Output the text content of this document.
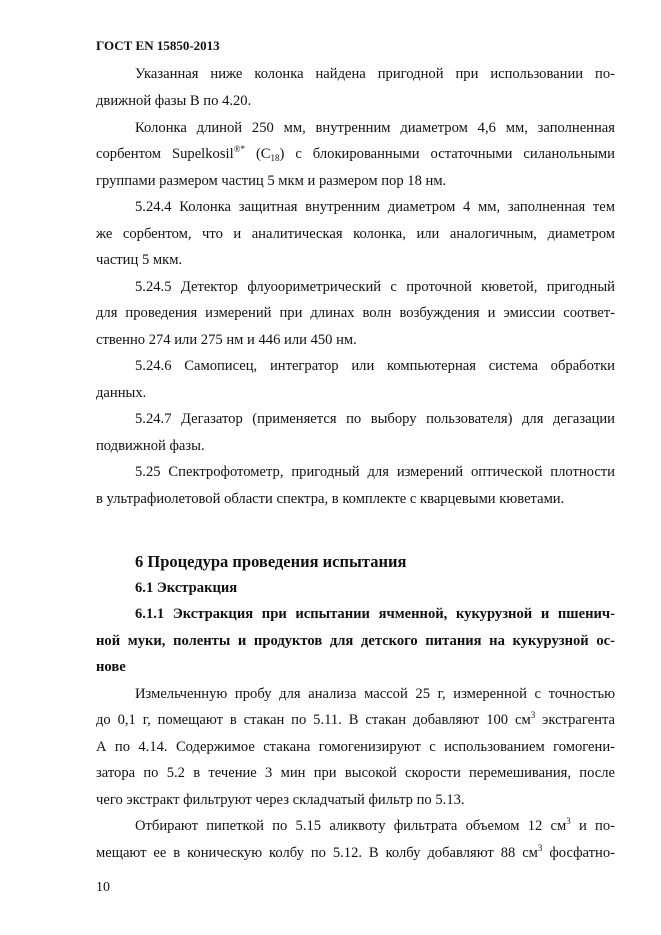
ГОСТ EN 15850-2013
Указанная ниже колонка найдена пригодной при использовании по-
движной фазы B по 4.20.
Колонка длиной 250 мм, внутренним диаметром 4,6 мм, заполненная
сорбентом Supelkosil®* $(C_{18})$ с блокированными остаточными силанольными
группами размером частиц 5 мкм и размером пор 18 нм.
5.24.4 Колонка защитная внутренним диаметром 4 мм, заполненная тем
же сорбентом, что и аналитическая колонка, или аналогичным, диаметром
частиц 5 мкм.
5.24.5 Детектор флуооримeтрический с проточной кюветой, пригодный
для проведения измерений при длинах волн возбуждения и эмиссии соответ-
ственно 274 или 275 нм и 446 или 450 нм.
5.24.6 Самописец, интегратор или компьютерная система обработки
данных.
5.24.7 Дегазатор (применяется по выбору пользователя) для дегазации
подвижной фазы.
5.25 Спектрофотометр, пригодный для измерений оптической плотности
в ультрафиолетовой области спектра, в комплекте с кварцевыми кюветами.
6 Процедура проведения испытания
6.1 Экстракция
6.1.1 Экстракция при испытании ячменной, кукурузной и пшенич-
ной муки, поленты и продуктов для детского питания на кукурузной ос-
нове
Измельченную пробу для анализа массой 25 г, измеренной с точностью
до 0,1 г, помещают в стакан по 5.11. В стакан добавляют 100 $см^3$ экстрагента
А по 4.14. Содержимое стакана гомогенизируют с использованием гомогени-
затора по 5.2 в течение 3 мин при высокой скорости перемешивания, после
чего экстракт фильтруют через складчатый фильтр по 5.13.
Отбирают пипеткой по 5.15 аликвоту фильтрата объемом 12 $см^3$ и по-
мещают ее в коническую колбу по 5.12. В колбу добавляют 88 $см^3$ фосфатно-
10
